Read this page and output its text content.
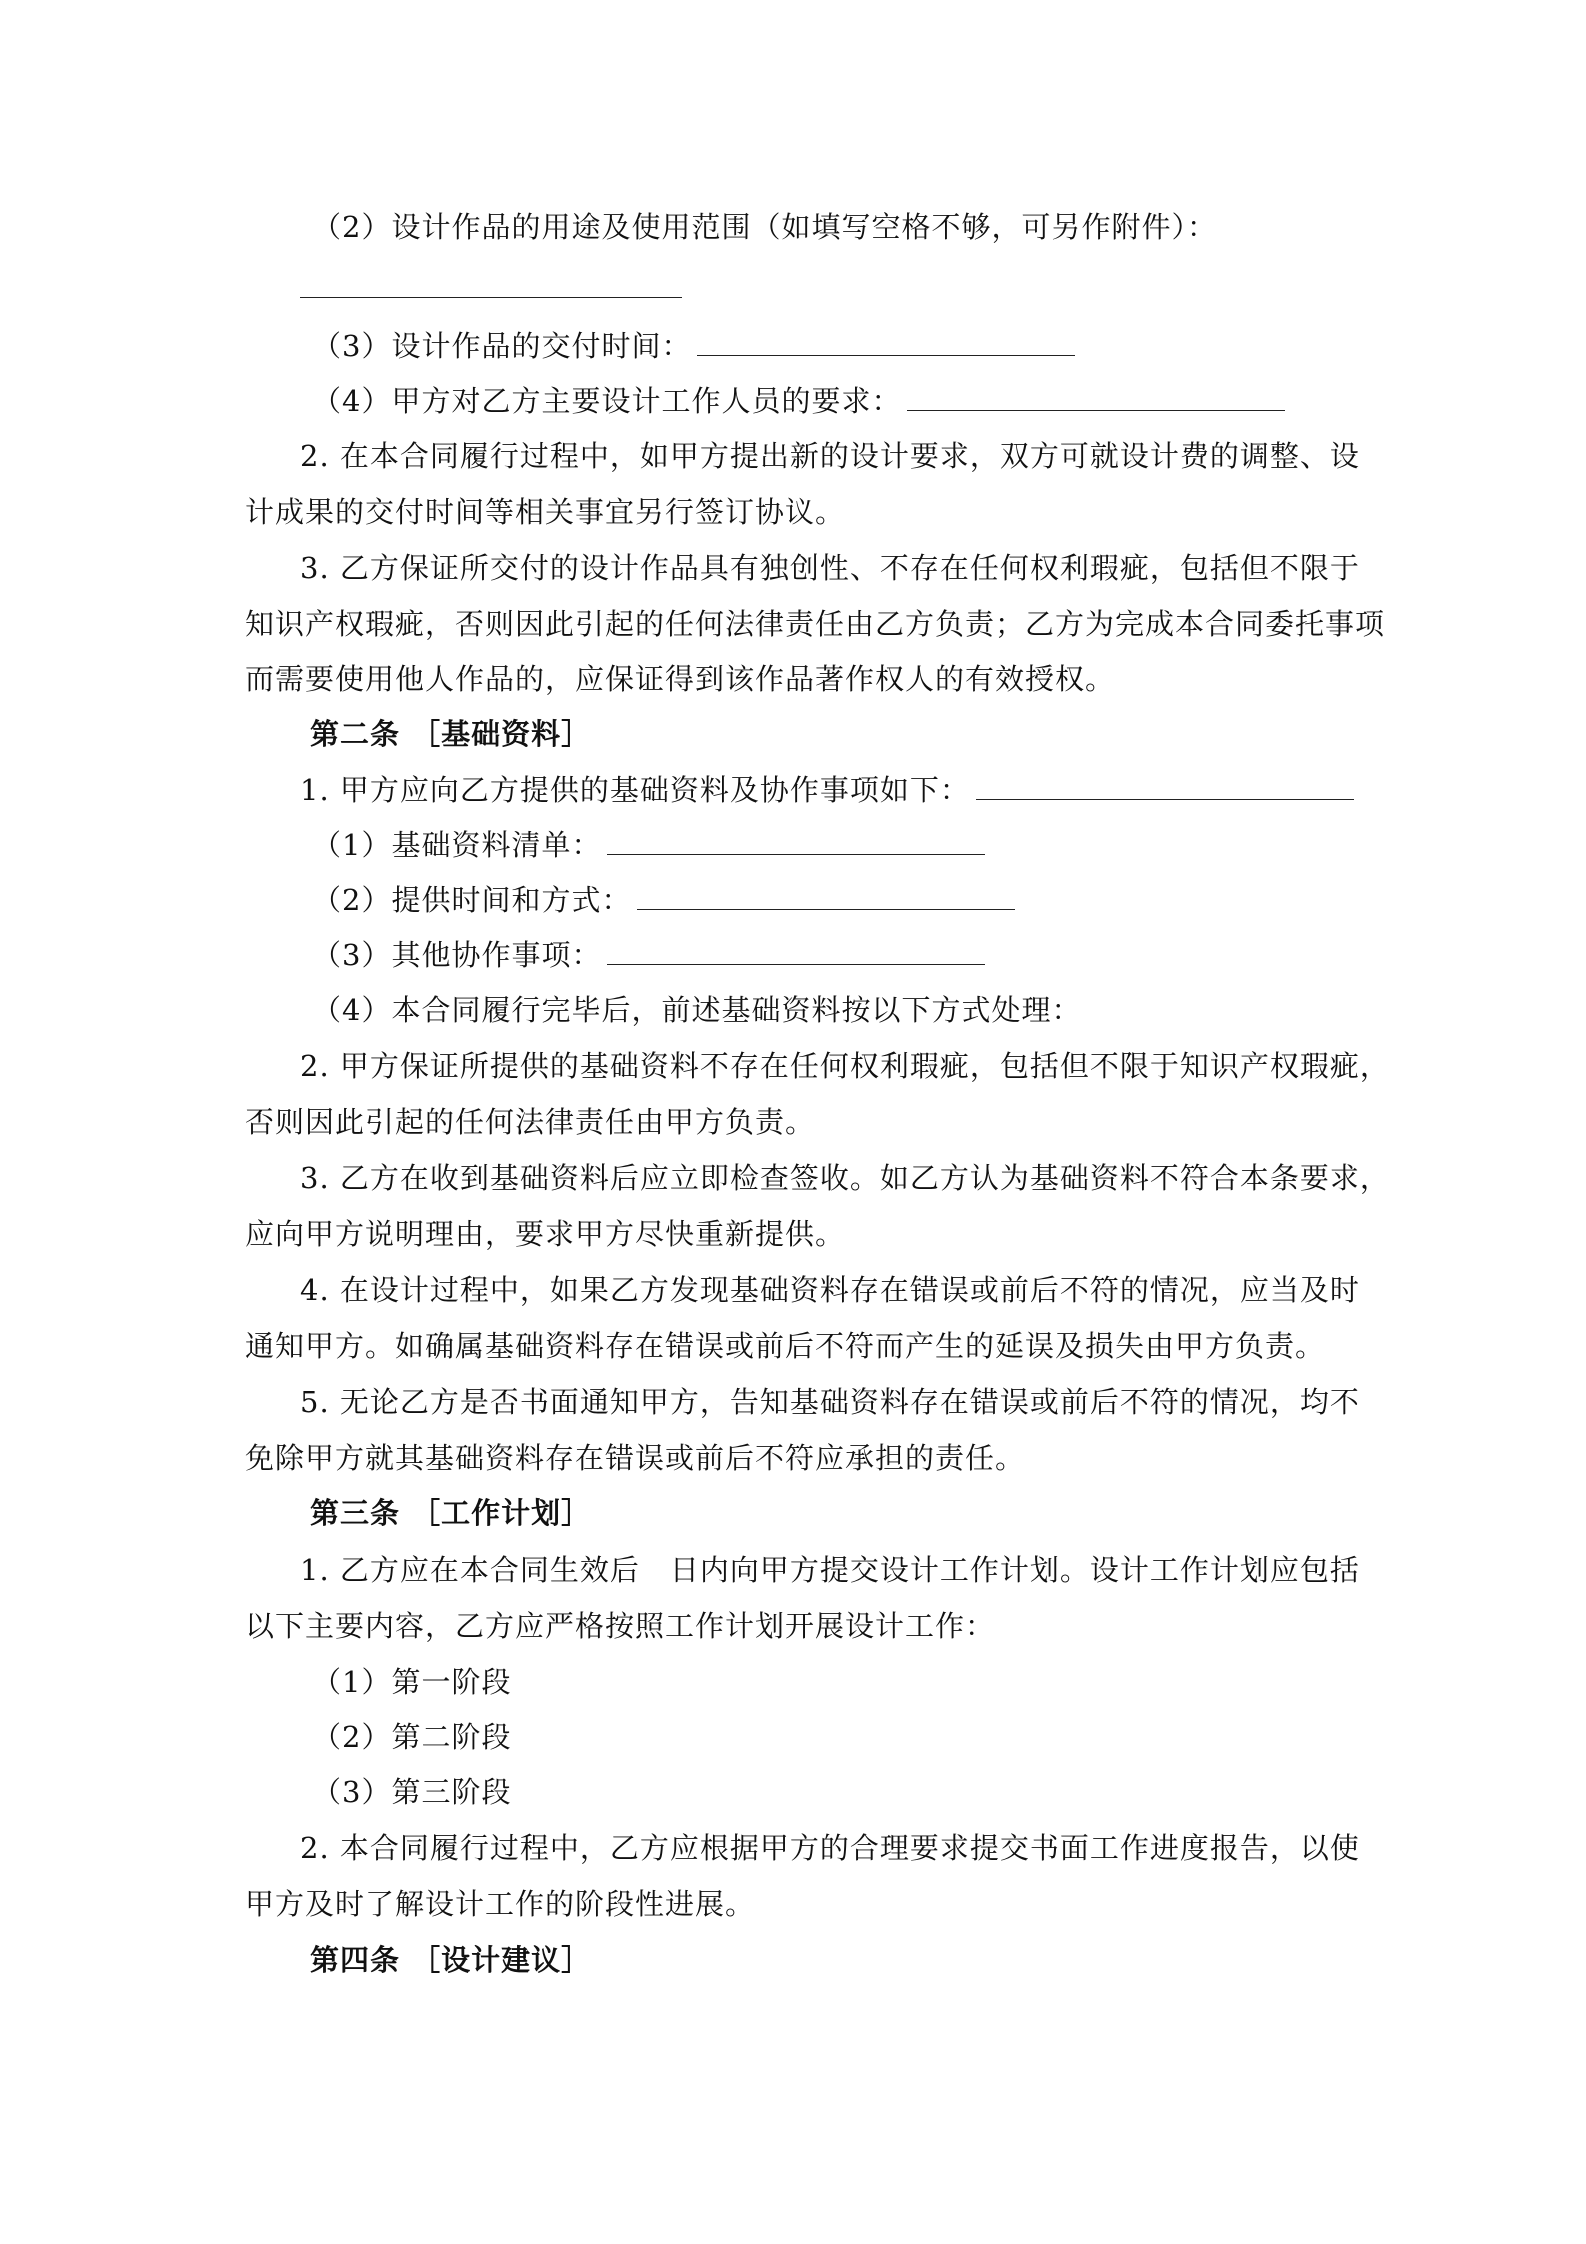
（2）设计作品的用途及使用范围（如填写空格不够，可另作附件）：
（3）设计作品的交付时间：
（4）甲方对乙方主要设计工作人员的要求：
2. 在本合同履行过程中，如甲方提出新的设计要求，双方可就设计费的调整、设
计成果的交付时间等相关事宜另行签订协议。
3. 乙方保证所交付的设计作品具有独创性、不存在任何权利瑕疵，包括但不限于
知识产权瑕疵，否则因此引起的任何法律责任由乙方负责；乙方为完成本合同委托事项
而需要使用他人作品的，应保证得到该作品著作权人的有效授权。
第二条 ［基础资料］
1. 甲方应向乙方提供的基础资料及协作事项如下：
（1）基础资料清单：
（2）提供时间和方式：
（3）其他协作事项：
（4）本合同履行完毕后，前述基础资料按以下方式处理：
2. 甲方保证所提供的基础资料不存在任何权利瑕疵，包括但不限于知识产权瑕疵，
否则因此引起的任何法律责任由甲方负责。
3. 乙方在收到基础资料后应立即检查签收。如乙方认为基础资料不符合本条要求，
应向甲方说明理由，要求甲方尽快重新提供。
4. 在设计过程中，如果乙方发现基础资料存在错误或前后不符的情况，应当及时
通知甲方。如确属基础资料存在错误或前后不符而产生的延误及损失由甲方负责。
5. 无论乙方是否书面通知甲方，告知基础资料存在错误或前后不符的情况，均不
免除甲方就其基础资料存在错误或前后不符应承担的责任。
第三条 ［工作计划］
1. 乙方应在本合同生效后　日内向甲方提交设计工作计划。设计工作计划应包括
以下主要内容，乙方应严格按照工作计划开展设计工作：
（1）第一阶段
（2）第二阶段
（3）第三阶段
2. 本合同履行过程中，乙方应根据甲方的合理要求提交书面工作进度报告，以使
甲方及时了解设计工作的阶段性进展。
第四条 ［设计建议］
